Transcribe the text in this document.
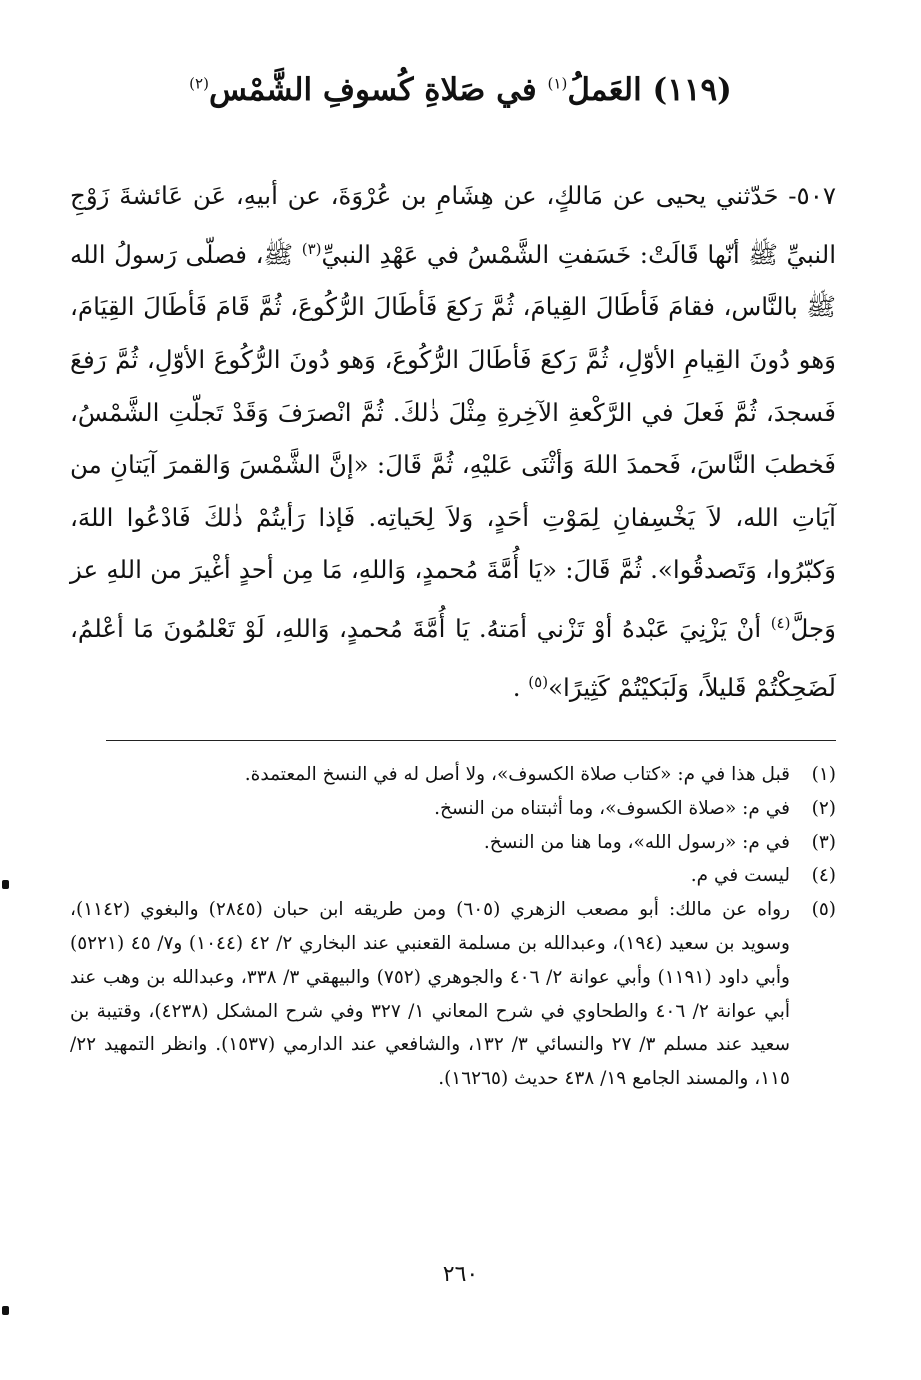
(١١٩) العَملُ$^{(١)}$ في صَلاةِ كُسوفِ الشَّمْس$^{(٢)}$

٥٠٧- حَدّثني يحيى عن مَالكٍ، عن هِشَامِ بن عُرْوَةَ، عن أبيهِ، عَن عَائشةَ زَوْجِ النبيِّ ﷺ أنّها قَالَتْ: خَسَفتِ الشَّمْسُ في عَهْدِ النبيِّ$^{(٣)}$ ﷺ، فصلّى رَسولُ الله ﷺ بالنَّاس، فقامَ فَأطَالَ القِيامَ، ثُمَّ رَكعَ فَأطَالَ الرُّكُوعَ، ثُمَّ قَامَ فَأطَالَ القِيَامَ، وَهو دُونَ القِيامِ الأوّلِ، ثُمَّ رَكعَ فَأطَالَ الرُّكُوعَ، وَهو دُونَ الرُّكُوعَ الأوّلِ، ثُمَّ رَفعَ فَسجدَ، ثُمَّ فَعلَ في الرَّكْعةِ الآخِرةِ مِثْلَ ذٰلكَ. ثُمَّ انْصرَفَ وَقَدْ تَجلّتِ الشَّمْسُ، فَخطبَ النَّاسَ، فَحمدَ اللهَ وَأثْنَى عَليْهِ، ثُمَّ قَالَ: «إنَّ الشَّمْسَ وَالقمرَ آيَتانِ من آيَاتِ الله، لاَ يَخْسِفانِ لِمَوْتِ أحَدٍ، وَلاَ لِحَياتِه. فَإذا رَأيتُمْ ذٰلكَ فَادْعُوا اللهَ، وَكبّرُوا، وَتَصدقُوا». ثُمَّ قَالَ: «يَا أُمَّةَ مُحمدٍ، وَاللهِ، مَا مِن أحدٍ أغْيرَ من اللهِ عز وَجلَّ$^{(٤)}$ أنْ يَزْنِيَ عَبْدهُ أوْ تَزْني أمَتهُ. يَا أُمَّةَ مُحمدٍ، وَاللهِ، لَوْ تَعْلمُونَ مَا أعْلمُ، لَضَحِكْتُمْ قَليلاً، وَلَبَكيْتُمْ كَثِيرًا»$^{(٥)}$ .

(١)
قبل هذا في م: «كتاب صلاة الكسوف»، ولا أصل له في النسخ المعتمدة.
(٢)
في م: «صلاة الكسوف»، وما أثبتناه من النسخ.
(٣)
في م: «رسول الله»، وما هنا من النسخ.
(٤)
ليست في م.
(٥)
رواه عن مالك: أبو مصعب الزهري (٦٠٥) ومن طريقه ابن حبان (٢٨٤٥) والبغوي (١١٤٢)، وسويد بن سعيد (١٩٤)، وعبدالله بن مسلمة القعنبي عند البخاري ٢/ ٤٢ (١٠٤٤) و٧/ ٤٥ (٥٢٢١) وأبي داود (١١٩١) وأبي عوانة ٢/ ٤٠٦ والجوهري (٧٥٢) والبيهقي ٣/ ٣٣٨، وعبدالله بن وهب عند أبي عوانة ٢/ ٤٠٦ والطحاوي في شرح المعاني ١/ ٣٢٧ وفي شرح المشكل (٤٢٣٨)، وقتيبة بن سعيد عند مسلم ٣/ ٢٧ والنسائي ٣/ ١٣٢، والشافعي عند الدارمي (١٥٣٧). وانظر التمهيد ٢٢/ ١١٥، والمسند الجامع ١٩/ ٤٣٨ حديث (١٦٢٦٥).
٢٦٠
